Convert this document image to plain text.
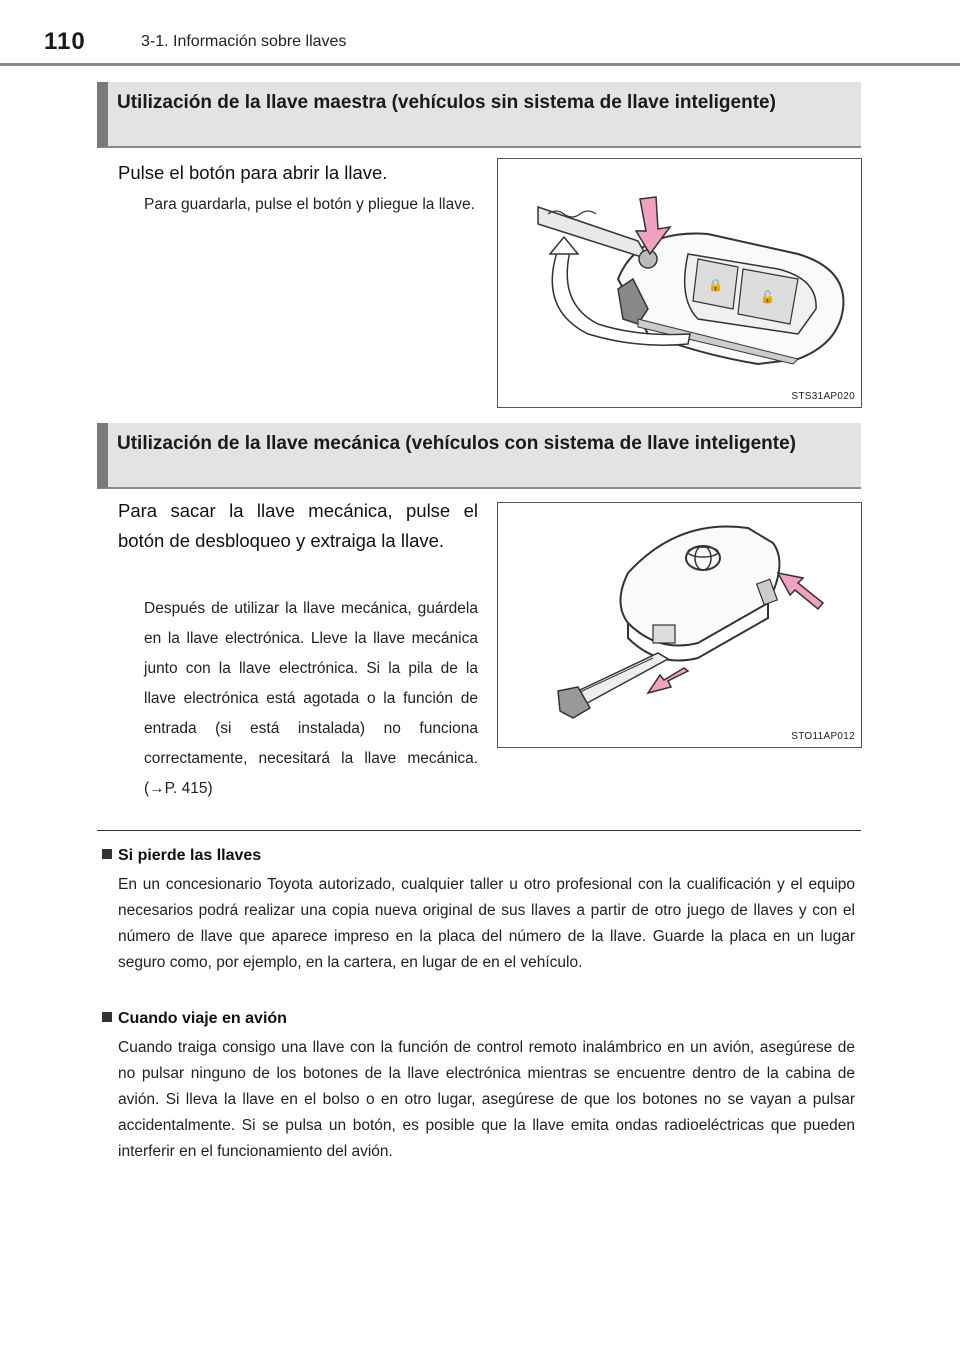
110	3-1. Información sobre llaves
Utilización de la llave maestra (vehículos sin sistema de llave inteligente)
Pulse el botón para abrir la llave.
Para guardarla, pulse el botón y pliegue la llave.
🔒
🔓
STS31AP020
Utilización de la llave mecánica (vehículos con sistema de llave inteligente)
Para sacar la llave mecánica, pulse el botón de desbloqueo y extraiga la llave.
Después de utilizar la llave mecánica, guárdela en la llave electrónica. Lleve la llave mecánica junto con la llave electrónica. Si la pila de la llave electrónica está agotada o la función de entrada (si está instalada) no funciona correctamente, necesitará la llave mecánica. (→P. 415)
STO11AP012
Si pierde las llaves
En un concesionario Toyota autorizado, cualquier taller u otro profesional con la cualificación y el equipo necesarios podrá realizar una copia nueva original de sus llaves a partir de otro juego de llaves y con el número de llave que aparece impreso en la placa del número de la llave. Guarde la placa en un lugar seguro como, por ejemplo, en la cartera, en lugar de en el vehículo.
Cuando viaje en avión
Cuando traiga consigo una llave con la función de control remoto inalámbrico en un avión, asegúrese de no pulsar ninguno de los botones de la llave electrónica mientras se encuentre dentro de la cabina de avión. Si lleva la llave en el bolso o en otro lugar, asegúrese de que los botones no se vayan a pulsar accidentalmente. Si se pulsa un botón, es posible que la llave emita ondas radioeléctricas que pueden interferir en el funcionamiento del avión.
